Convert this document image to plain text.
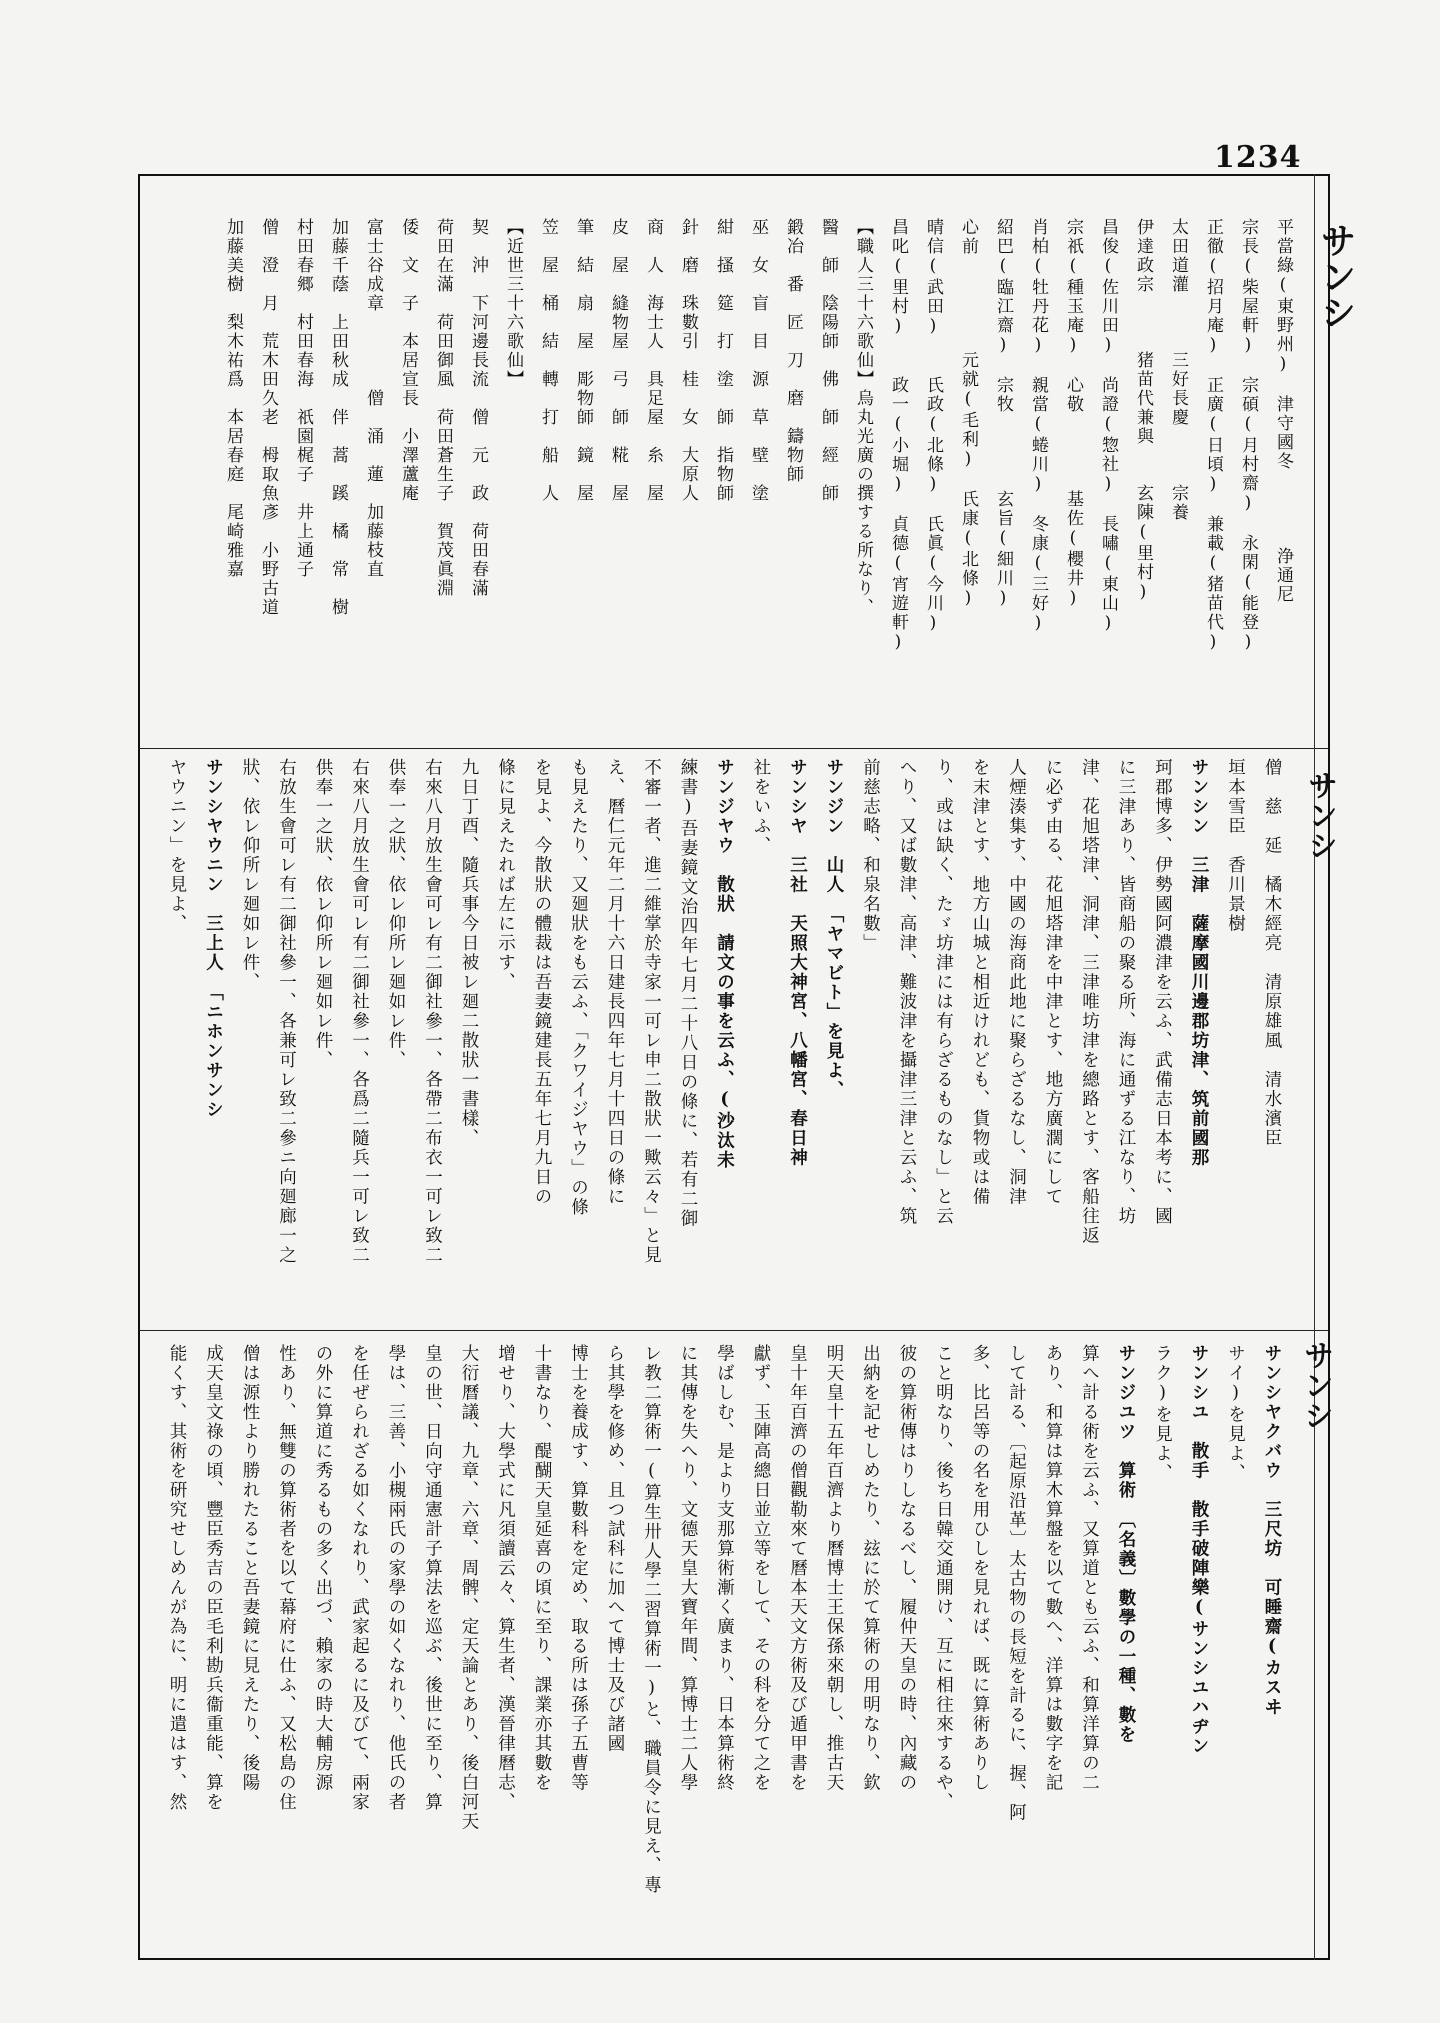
1234
サンシ
サンシ
サンシ
平當綠(東野州)　津守國冬　　　　浄通尼
宗長(柴屋軒)　宗碩(月村齋)　永閑(能登)
正徹(招月庵)　正廣(日頃)　兼載(猪苗代)
太田道灌　　　三好長慶　　　宗養
伊達政宗　　　猪苗代兼與　　玄陳(里村)
昌俊(佐川田)　尚證(惣社)　長嘯(東山)
宗祇(種玉庵)　心敬　　　　基佐(櫻井)
肖柏(牡丹花)　親當(蜷川)　冬康(三好)
紹巴(臨江齋)　宗牧　　　　玄旨(細川)
心前　　　　　元就(毛利)　氏康(北條)
晴信(武田)　　氏政(北條)　氏眞(今川)
昌叱(里村)　　政一(小堀)　貞德(宵遊軒)
【職人三十六歌仙】烏丸光廣の撰する所なり、
醫　師　陰陽師　佛　師　經　師
鍛冶　番　匠　刀　磨　鑄物師
巫　女　盲　目　源　草　壁　塗
紺　搔　筵　打　塗　師　指物師
針　磨　珠數引　桂　女　大原人
商　人　海士人　具足屋　糸　屋
皮　屋　縫物屋　弓　師　糀　屋
筆　結　扇　屋　彫物師　鏡　屋
笠　屋　桶　結　轉　打　船　人
【近世三十六歌仙】
契　沖　下河邊長流　僧　元　政　荷田春滿
荷田在滿　荷田御風　荷田蒼生子　賀茂眞淵
倭　文　子　本居宣長　小澤蘆庵
富士谷成章　　　　僧　涌　蓮　加藤枝直
加藤千蔭　上田秋成　伴　蒿　蹊　橘　常　樹
村田春郷　村田春海　祇園梶子　井上通子
僧　澄　月　荒木田久老　栂取魚彥　小野古道
加藤美樹　梨木祐爲　本居春庭　尾崎雅嘉
僧　慈　延　橘木經亮　清原雄風　清水濱臣
垣本雪臣　香川景樹
サンシン　三津　薩摩國川邊郡坊津、筑前國那
珂郡博多、伊勢國阿濃津を云ふ、武備志日本考に、國
に三津あり、皆商船の聚る所、海に通ずる江なり、坊
津、花旭塔津、洞津、三津唯坊津を總路とす、客船往返
に必ず由る、花旭塔津を中津とす、地方廣濶にして
人煙湊集す、中國の海商此地に聚らざるなし、洞津
を末津とす、地方山城と相近けれども、貨物或は備
り、或は缺く、たゞ坊津には有らざるものなし」と云
へり、又ば數津、高津、難波津を攝津三津と云ふ、筑
前慈志略、和泉名數」
サンジン　山人　「ヤマビト」を見よ、
サンシヤ　三社　天照大神宮、八幡宮、春日神
社をいふ、
サンジヤウ　散狀　請文の事を云ふ、(沙汰未
練書)吾妻鏡文治四年七月二十八日の條に、若有二御
不審一者、進二維掌於寺家一可レ申二散狀一歟云々」と見
え、曆仁元年二月十六日建長四年七月十四日の條に
も見えたり、又廻狀をも云ふ、「クワイジヤウ」の條
を見よ、今散狀の體裁は吾妻鏡建長五年七月九日の
條に見えたれば左に示す、
九日丁酉、隨兵事今日被レ廻二散狀一書樣、
右來八月放生會可レ有二御社參一、各帶二布衣一可レ致二
供奉一之狀、依レ仰所レ廻如レ件、
右來八月放生會可レ有二御社參一、各爲二隨兵一可レ致二
供奉一之狀、依レ仰所レ廻如レ件、
右放生會可レ有二御社參一、各兼可レ致二參ニ向廻廊一之
狀、依レ仰所レ廻如レ件、
サンシヤウニン　三上人　「ニホンサンシ
ヤウニン」を見よ、
サンシヤクバウ　三尺坊　可睡齋(カスヰ
サイ)を見よ、
サンシユ　散手　散手破陣樂(サンシユハヂン
ラク)を見よ、
サンジユツ　算術　〔名義〕數學の一種、數を
算へ計る術を云ふ、又算道とも云ふ、和算洋算の二
あり、和算は算木算盤を以て數へ、洋算は數字を記
して計る、〔起原沿革〕太古物の長短を計るに、握、阿
多、比呂等の名を用ひしを見れば、既に算術ありし
こと明なり、後ち日韓交通開け、互に相往來するや、
彼の算術傳はりしなるべし、履仲天皇の時、內藏の
出納を記せしめたり、玆に於て算術の用明なり、欽
明天皇十五年百濟より曆博士王保孫來朝し、推古天
皇十年百濟の僧觀勒來て曆本天文方術及び遁甲書を
獻ず、玉陣高總日並立等をして、その科を分て之を
學ばしむ、是より支那算術漸く廣まり、日本算術終
に其傳を失へり、文德天皇大寶年間、算博士二人學
レ教二算術一(算生卅人學二習算術一)と、職員令に見え、專
ら其學を修め、且つ試科に加へて博士及び諸國
博士を養成す、算數科を定め、取る所は孫子五曹等
十書なり、醍醐天皇延喜の頃に至り、課業亦其數を
增せり、大學式に凡須讀云々、算生者、漢晉律曆志、
大衍曆議、九章、六章、周髀、定天論とあり、後白河天
皇の世、日向守通憲計子算法を巡ぶ、後世に至り、算
學は、三善、小槻兩氏の家學の如くなれり、他氏の者
を任ぜられざる如くなれり、武家起るに及びて、兩家
の外に算道に秀るもの多く出づ、賴家の時大輔房源
性あり、無雙の算術者を以て幕府に仕ふ、又松島の住
僧は源性より勝れたること吾妻鏡に見えたり、後陽
成天皇文祿の頃、豐臣秀吉の臣毛利勘兵衞重能、算を
能くす、其術を硏究せしめんが為に、明に遣はす、然
